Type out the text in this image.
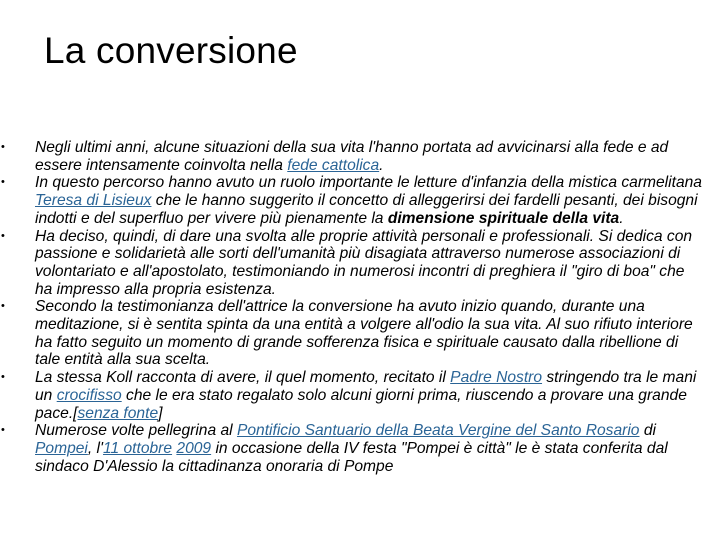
La conversione
•	Negli ultimi anni, alcune situazioni della sua vita l'hanno portata ad avvicinarsi alla fede e ad essere intensamente coinvolta nella fede cattolica.
•	In questo percorso hanno avuto un ruolo importante le letture d'infanzia della mistica carmelitana Teresa di Lisieux che le hanno suggerito il concetto di alleggerirsi dei fardelli pesanti, dei bisogni indotti e del superfluo per vivere più pienamente la dimensione spirituale della vita.
•	Ha deciso, quindi, di dare una svolta alle proprie attività personali e professionali. Si dedica con passione e solidarietà alle sorti dell'umanità più disagiata attraverso numerose associazioni di volontariato e all'apostolato, testimoniando in numerosi incontri di preghiera il "giro di boa" che ha impresso alla propria esistenza.
•	Secondo la testimonianza dell'attrice la conversione ha avuto inizio quando, durante una meditazione, si è sentita spinta da una entità a volgere all'odio la sua vita. Al suo rifiuto interiore ha fatto seguito un momento di grande sofferenza fisica e spirituale causato dalla ribellione di tale entità alla sua scelta.
•	La stessa Koll racconta di avere, il quel momento, recitato il Padre Nostro stringendo tra le mani un crocifisso che le era stato regalato solo alcuni giorni prima, riuscendo a provare una grande pace.[senza fonte]
•	Numerose volte pellegrina al Pontificio Santuario della Beata Vergine del Santo Rosario di Pompei, l'11 ottobre 2009 in occasione della IV festa "Pompei è città" le è stata conferita dal sindaco D'Alessio la cittadinanza onoraria di Pompe
